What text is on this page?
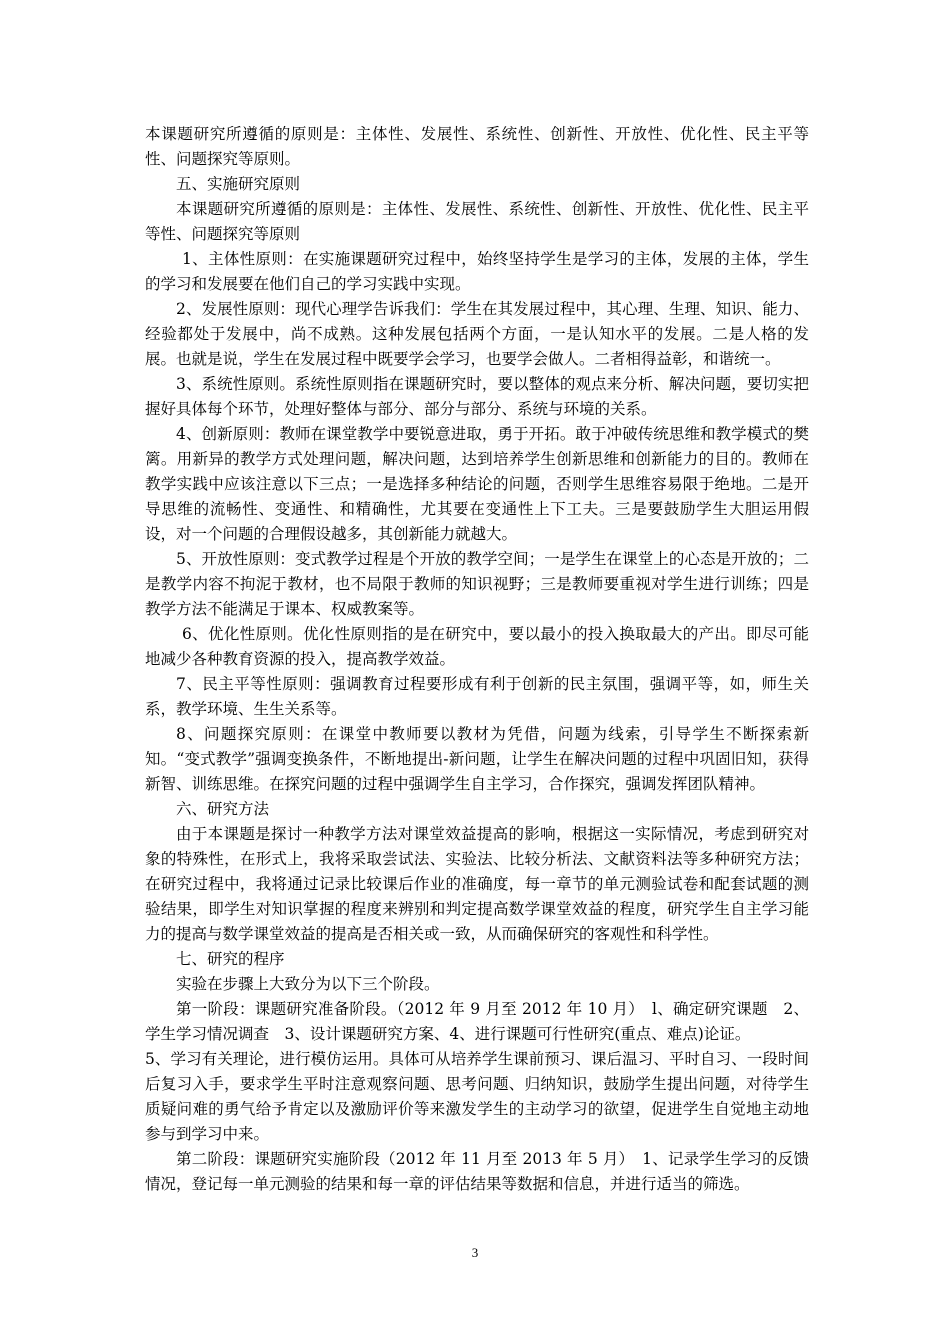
本课题研究所遵循的原则是：主体性、发展性、系统性、创新性、开放性、优化性、民主平等性、问题探究等原则。

五、实施研究原则

本课题研究所遵循的原则是：主体性、发展性、系统性、创新性、开放性、优化性、民主平等性、问题探究等原则

1、主体性原则：在实施课题研究过程中，始终坚持学生是学习的主体，发展的主体，学生的学习和发展要在他们自己的学习实践中实现。

2、发展性原则：现代心理学告诉我们：学生在其发展过程中，其心理、生理、知识、能力、经验都处于发展中，尚不成熟。这种发展包括两个方面，一是认知水平的发展。二是人格的发展。也就是说，学生在发展过程中既要学会学习，也要学会做人。二者相得益彰，和谐统一。

3、系统性原则。系统性原则指在课题研究时，要以整体的观点来分析、解决问题，要切实把握好具体每个环节，处理好整体与部分、部分与部分、系统与环境的关系。

4、创新原则：教师在课堂教学中要锐意进取，勇于开拓。敢于冲破传统思维和教学模式的樊篱。用新异的教学方式处理问题，解决问题，达到培养学生创新思维和创新能力的目的。教师在教学实践中应该注意以下三点；一是选择多种结论的问题，否则学生思维容易限于绝地。二是开导思维的流畅性、变通性、和精确性，尤其要在变通性上下工夫。三是要鼓励学生大胆运用假设，对一个问题的合理假设越多，其创新能力就越大。

5、开放性原则：变式教学过程是个开放的教学空间；一是学生在课堂上的心态是开放的；二是教学内容不拘泥于教材，也不局限于教师的知识视野；三是教师要重视对学生进行训练；四是教学方法不能满足于课本、权威教案等。

6、优化性原则。优化性原则指的是在研究中，要以最小的投入换取最大的产出。即尽可能地减少各种教育资源的投入，提高教学效益。

7、民主平等性原则：强调教育过程要形成有利于创新的民主氛围，强调平等，如，师生关系，教学环境、生生关系等。

8、问题探究原则：在课堂中教师要以教材为凭借，问题为线索，引导学生不断探索新知。“变式教学”强调变换条件，不断地提出-新问题，让学生在解决问题的过程中巩固旧知，获得新智、训练思维。在探究问题的过程中强调学生自主学习，合作探究，强调发挥团队精神。

六、研究方法

由于本课题是探讨一种教学方法对课堂效益提高的影响，根据这一实际情况，考虑到研究对象的特殊性，在形式上，我将采取尝试法、实验法、比较分析法、文献资料法等多种研究方法；在研究过程中，我将通过记录比较课后作业的准确度，每一章节的单元测验试卷和配套试题的测验结果，即学生对知识掌握的程度来辨别和判定提高数学课堂效益的程度，研究学生自主学习能力的提高与数学课堂效益的提高是否相关或一致，从而确保研究的客观性和科学性。

七、研究的程序

实验在步骤上大致分为以下三个阶段。

第一阶段：课题研究准备阶段。（2012 年 9 月至 2012 年 10 月）　l、确定研究课题　2、学生学习情况调查　3、设计课题研究方案、4、进行课题可行性研究(重点、难点)论证。

5、学习有关理论，进行模仿运用。具体可从培养学生课前预习、课后温习、平时自习、一段时间后复习入手，要求学生平时注意观察问题、思考问题、归纳知识，鼓励学生提出问题，对待学生质疑问难的勇气给予肯定以及激励评价等来激发学生的主动学习的欲望，促进学生自觉地主动地参与到学习中来。

第二阶段：课题研究实施阶段（2012 年 11 月至 2013 年 5 月）　1、记录学生学习的反馈情况，登记每一单元测验的结果和每一章的评估结果等数据和信息，并进行适当的筛选。

3
